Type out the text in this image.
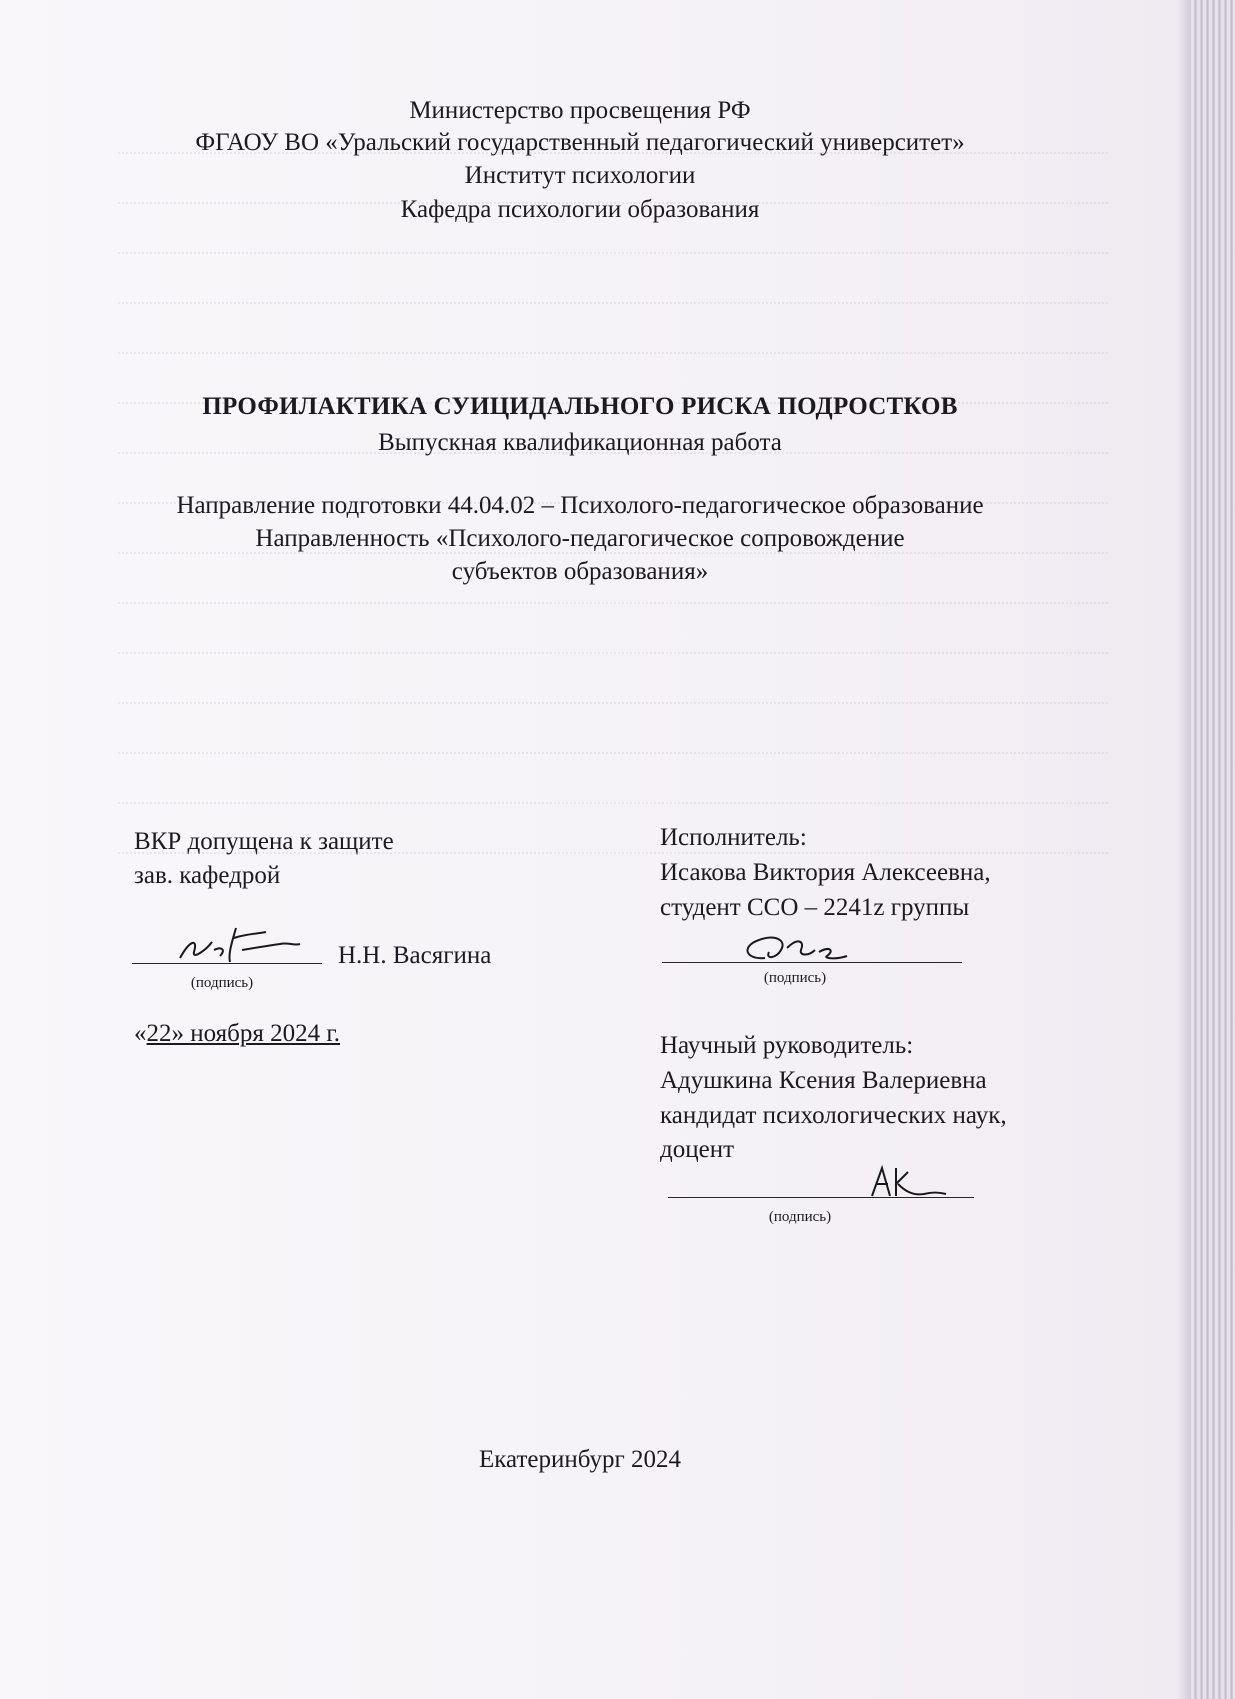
Министерство просвещения РФ
ФГАОУ ВО «Уральский государственный педагогический университет»
Институт психологии
Кафедра психологии образования
ПРОФИЛАКТИКА СУИЦИДАЛЬНОГО РИСКА ПОДРОСТКОВ
Выпускная квалификационная работа
Направление подготовки 44.04.02 – Психолого-педагогическое образование
Направленность «Психолого-педагогическое сопровождение
субъектов образования»
ВКР допущена к защите
зав. кафедрой
Н.Н. Васягина
(подпись)
«22» ноября 2024 г.
Исполнитель:
Исакова Виктория Алексеевна,
студент ССО – 2241z группы
(подпись)
Научный руководитель:
Адушкина Ксения Валериевна
кандидат психологических наук,
доцент
(подпись)
Екатеринбург 2024
